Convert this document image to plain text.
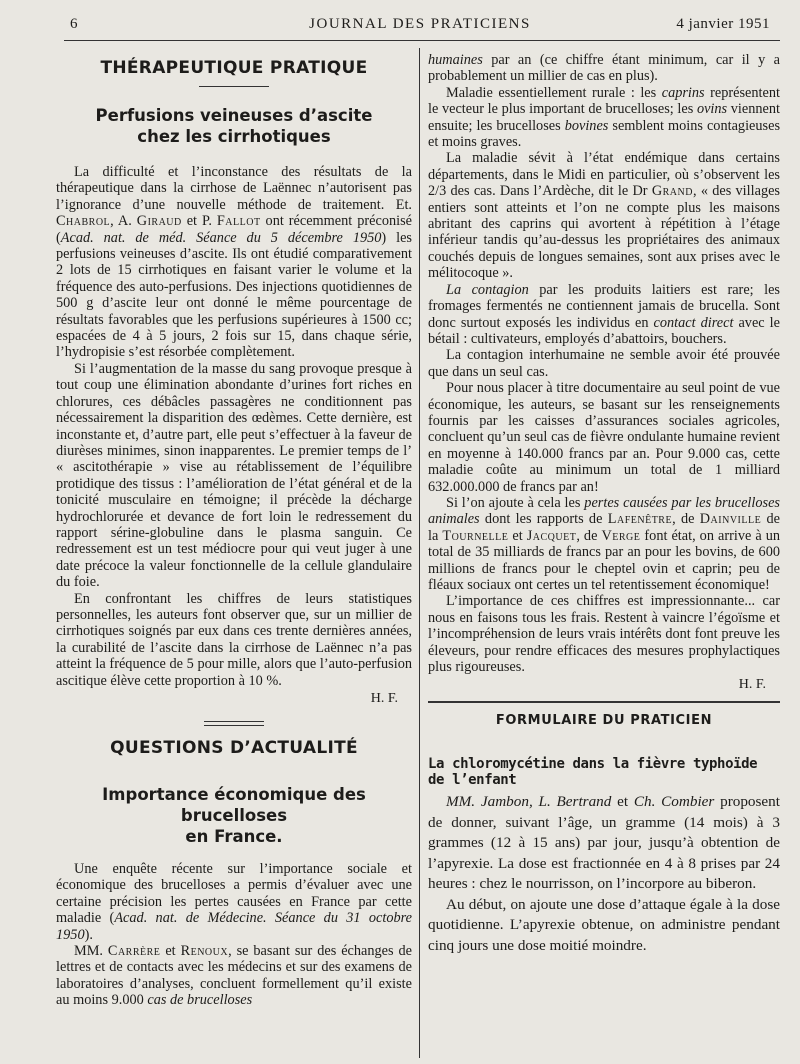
6	JOURNAL DES PRATICIENS	4 janvier 1951
THÉRAPEUTIQUE PRATIQUE
Perfusions veineuses d’ascite
chez les cirrhotiques

La difficulté et l’inconstance des résultats de la thérapeutique dans la cirrhose de Laënnec n’autorisent pas l’ignorance d’une nouvelle méthode de traitement. Et. Chabrol, A. Giraud et P. Fallot ont récemment préconisé (Acad. nat. de méd. Séance du 5 décembre 1950) les perfusions veineuses d’ascite. Ils ont étudié comparativement 2 lots de 15 cirrhotiques en faisant varier le volume et la fréquence des auto-perfusions. Des injections quotidiennes de 500 g d’ascite leur ont donné le même pourcentage de résultats favorables que les perfusions supérieures à 1500 cc; espacées de 4 à 5 jours, 2 fois sur 15, dans chaque série, l’hydropisie s’est résorbée complètement.

Si l’augmentation de la masse du sang provoque presque à tout coup une élimination abondante d’urines fort riches en chlorures, ces débâcles passagères ne conditionnent pas nécessairement la disparition des œdèmes. Cette dernière, est inconstante et, d’autre part, elle peut s’effectuer à la faveur de diurèses minimes, sinon inapparentes. Le premier temps de l’ « ascitothérapie » vise au rétablissement de l’équilibre protidique des tissus : l’amélioration de l’état général et de la tonicité musculaire en témoigne; il précède la décharge hydrochlorurée et devance de fort loin le redressement du rapport sérine-globuline dans le plasma sanguin. Ce redressement est un test médiocre pour qui veut juger à une date précoce la valeur fonctionnelle de la cellule glandulaire du foie.

En confrontant les chiffres de leurs statistiques personnelles, les auteurs font observer que, sur un millier de cirrhotiques soignés par eux dans ces trente dernières années, la curabilité de l’ascite dans la cirrhose de Laënnec n’a pas atteint la fréquence de 5 pour mille, alors que l’auto-perfusion ascitique élève cette proportion à 10 %.

H. F.
QUESTIONS D’ACTUALITÉ
Importance économique des brucelloses
en France.

Une enquête récente sur l’importance sociale et économique des brucelloses a permis d’évaluer avec une certaine précision les pertes causées en France par cette maladie (Acad. nat. de Médecine. Séance du 31 octobre 1950).

MM. Carrère et Renoux, se basant sur des échanges de lettres et de contacts avec les médecins et sur des examens de laboratoires d’analyses, concluent formellement qu’il existe au moins 9.000 cas de brucelloses

humaines par an (ce chiffre étant minimum, car il y a probablement un millier de cas en plus).

Maladie essentiellement rurale : les caprins représentent le vecteur le plus important de brucelloses; les ovins viennent ensuite; les brucelloses bovines semblent moins contagieuses et moins graves.

La maladie sévit à l’état endémique dans certains départements, dans le Midi en particulier, où s’observent les 2/3 des cas. Dans l’Ardèche, dit le Dr Grand, « des villages entiers sont atteints et l’on ne compte plus les maisons abritant des caprins qui avortent à répétition à l’étage inférieur tandis qu’au-dessus les propriétaires des animaux couchés depuis de longues semaines, sont aux prises avec le mélitocoque ».

La contagion par les produits laitiers est rare; les fromages fermentés ne contiennent jamais de brucella. Sont donc surtout exposés les individus en contact direct avec le bétail : cultivateurs, employés d’abattoirs, bouchers.

La contagion interhumaine ne semble avoir été prouvée que dans un seul cas.

Pour nous placer à titre documentaire au seul point de vue économique, les auteurs, se basant sur les renseignements fournis par les caisses d’assurances sociales agricoles, concluent qu’un seul cas de fièvre ondulante humaine revient en moyenne à 140.000 francs par an. Pour 9.000 cas, cette maladie coûte au minimum un total de 1 milliard 632.000.000 de francs par an!

Si l’on ajoute à cela les pertes causées par les brucelloses animales dont les rapports de Lafenêtre, de Dainville de la Tournelle et Jacquet, de Verge font état, on arrive à un total de 35 milliards de francs par an pour les bovins, de 600 millions de francs pour le cheptel ovin et caprin; peu de fléaux sociaux ont certes un tel retentissement économique!

L’importance de ces chiffres est impressionnante... car nous en faisons tous les frais. Restent à vaincre l’égoïsme et l’incompréhension de leurs vrais intérêts dont font preuve les éleveurs, pour rendre efficaces des mesures prophylactiques plus rigoureuses.

H. F.
FORMULAIRE DU PRATICIEN
La chloromycétine dans la fièvre typhoïde de l’enfant

MM. Jambon, L. Bertrand et Ch. Combier proposent de donner, suivant l’âge, un gramme (14 mois) à 3 grammes (12 à 15 ans) par jour, jusqu’à obtention de l’apyrexie. La dose est fractionnée en 4 à 8 prises par 24 heures : chez le nourrisson, on l’incorpore au biberon.

Au début, on ajoute une dose d’attaque égale à la dose quotidienne. L’apyrexie obtenue, on administre pendant cinq jours une dose moitié moindre.
